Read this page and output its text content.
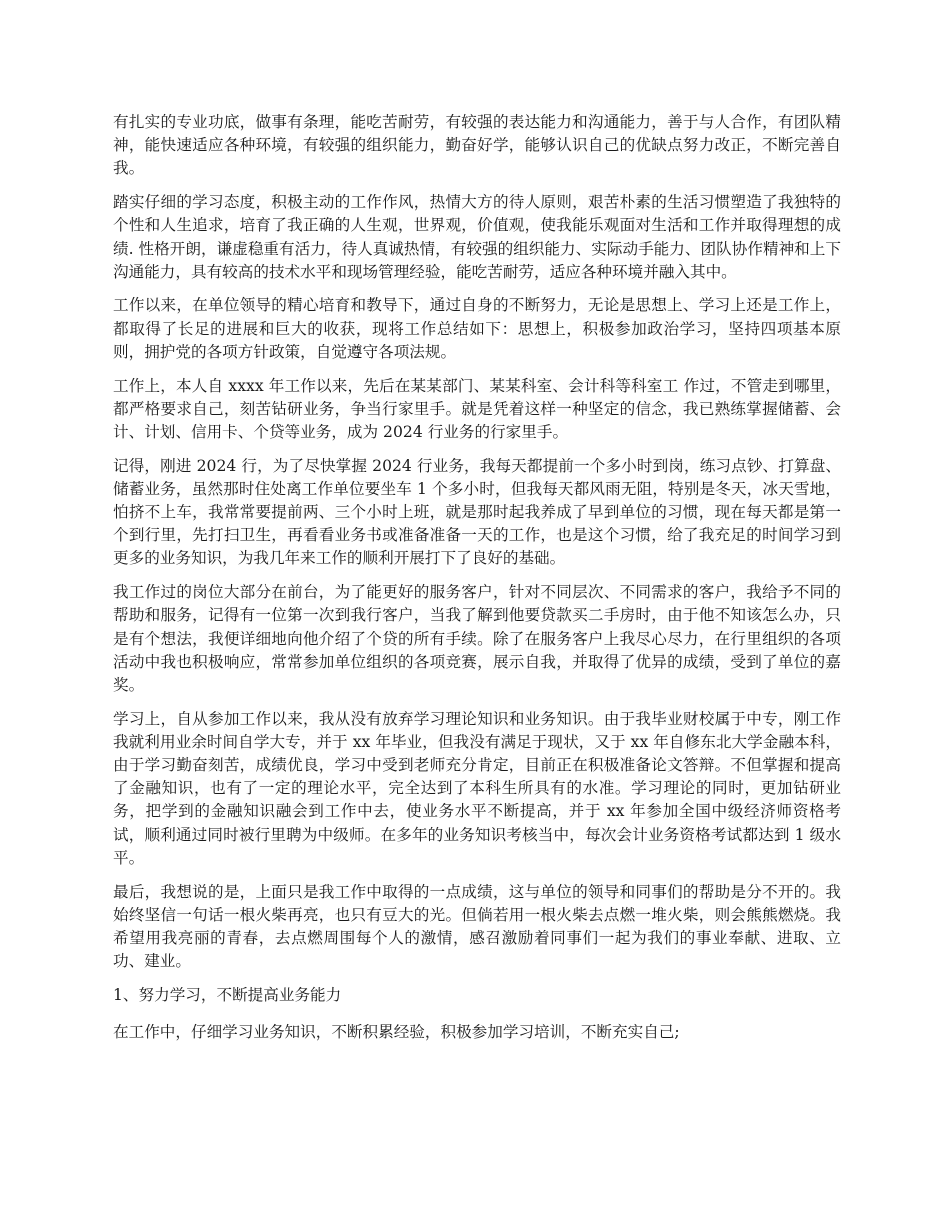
有扎实的专业功底，做事有条理，能吃苦耐劳，有较强的表达能力和沟通能力，善于与人合作，有团队精神，能快速适应各种环境，有较强的组织能力，勤奋好学，能够认识自己的优缺点努力改正，不断完善自我。

踏实仔细的学习态度，积极主动的工作作风，热情大方的待人原则，艰苦朴素的生活习惯塑造了我独特的个性和人生追求，培育了我正确的人生观，世界观，价值观，使我能乐观面对生活和工作并取得理想的成绩. 性格开朗，谦虚稳重有活力，待人真诚热情，有较强的组织能力、实际动手能力、团队协作精神和上下沟通能力，具有较高的技术水平和现场管理经验，能吃苦耐劳，适应各种环境并融入其中。

工作以来，在单位领导的精心培育和教导下，通过自身的不断努力，无论是思想上、学习上还是工作上，都取得了长足的进展和巨大的收获，现将工作总结如下：思想上，积极参加政治学习，坚持四项基本原则，拥护党的各项方针政策，自觉遵守各项法规。

工作上，本人自 xxxx 年工作以来，先后在某某部门、某某科室、会计科等科室工 作过，不管走到哪里，都严格要求自己，刻苦钻研业务，争当行家里手。就是凭着这样一种坚定的信念，我已熟练掌握储蓄、会计、计划、信用卡、个贷等业务，成为 2024 行业务的行家里手。

记得，刚进 2024 行，为了尽快掌握 2024 行业务，我每天都提前一个多小时到岗，练习点钞、打算盘、储蓄业务，虽然那时住处离工作单位要坐车 1 个多小时，但我每天都风雨无阻，特别是冬天，冰天雪地，怕挤不上车，我常常要提前两、三个小时上班，就是那时起我养成了早到单位的习惯，现在每天都是第一个到行里，先打扫卫生，再看看业务书或准备准备一天的工作，也是这个习惯，给了我充足的时间学习到更多的业务知识，为我几年来工作的顺利开展打下了良好的基础。

我工作过的岗位大部分在前台，为了能更好的服务客户，针对不同层次、不同需求的客户，我给予不同的帮助和服务，记得有一位第一次到我行客户，当我了解到他要贷款买二手房时，由于他不知该怎么办，只是有个想法，我便详细地向他介绍了个贷的所有手续。除了在服务客户上我尽心尽力，在行里组织的各项活动中我也积极响应，常常参加单位组织的各项竞赛，展示自我，并取得了优异的成绩，受到了单位的嘉奖。

学习上，自从参加工作以来，我从没有放弃学习理论知识和业务知识。由于我毕业财校属于中专，刚工作我就利用业余时间自学大专，并于 xx 年毕业，但我没有满足于现状，又于 xx 年自修东北大学金融本科，由于学习勤奋刻苦，成绩优良，学习中受到老师充分肯定，目前正在积极准备论文答辩。不但掌握和提高了金融知识，也有了一定的理论水平，完全达到了本科生所具有的水准。学习理论的同时，更加钻研业务，把学到的金融知识融会到工作中去，使业务水平不断提高，并于 xx 年参加全国中级经济师资格考试，顺利通过同时被行里聘为中级师。在多年的业务知识考核当中，每次会计业务资格考试都达到 1 级水平。

最后，我想说的是，上面只是我工作中取得的一点成绩，这与单位的领导和同事们的帮助是分不开的。我始终坚信一句话一根火柴再亮，也只有豆大的光。但倘若用一根火柴去点燃一堆火柴，则会熊熊燃烧。我希望用我亮丽的青春，去点燃周围每个人的激情，感召激励着同事们一起为我们的事业奉献、进取、立功、建业。

1、努力学习，不断提高业务能力

在工作中，仔细学习业务知识，不断积累经验，积极参加学习培训，不断充实自己;
